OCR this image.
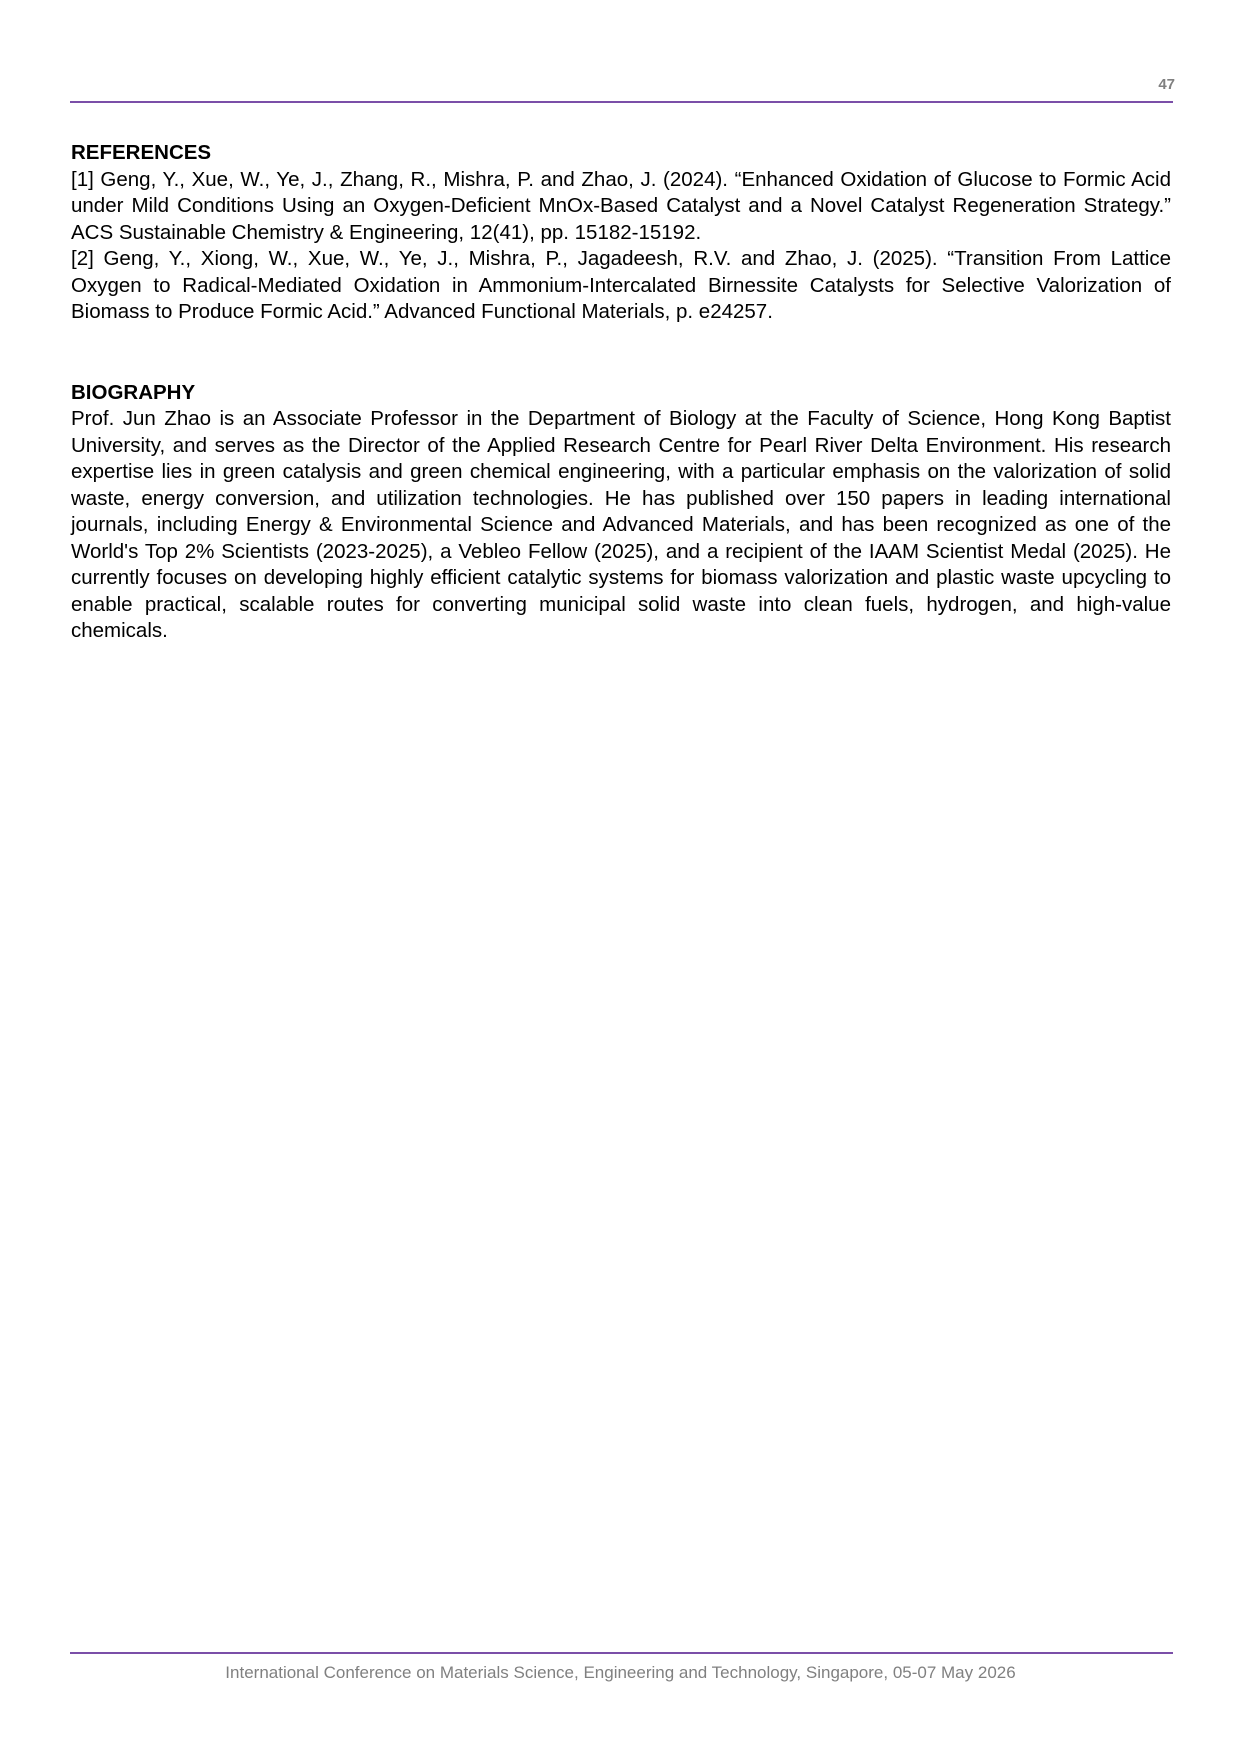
47
REFERENCES

[1] Geng, Y., Xue, W., Ye, J., Zhang, R., Mishra, P. and Zhao, J. (2024). “Enhanced Oxidation of Glucose to Formic Acid under Mild Conditions Using an Oxygen-Deficient MnOx-Based Catalyst and a Novel Catalyst Regeneration Strategy.” ACS Sustainable Chemistry & Engineering, 12(41), pp. 15182-15192.

[2] Geng, Y., Xiong, W., Xue, W., Ye, J., Mishra, P., Jagadeesh, R.V. and Zhao, J. (2025). “Transition From Lattice Oxygen to Radical-Mediated Oxidation in Ammonium-Intercalated Birnessite Catalysts for Selective Valorization of Biomass to Produce Formic Acid.” Advanced Functional Materials, p. e24257.

BIOGRAPHY

Prof. Jun Zhao is an Associate Professor in the Department of Biology at the Faculty of Science, Hong Kong Baptist University, and serves as the Director of the Applied Research Centre for Pearl River Delta Environment. His research expertise lies in green catalysis and green chemical engineering, with a particular emphasis on the valorization of solid waste, energy conversion, and utilization technologies. He has published over 150 papers in leading international journals, including Energy & Environmental Science and Advanced Materials, and has been recognized as one of the World's Top 2% Scientists (2023-2025), a Vebleo Fellow (2025), and a recipient of the IAAM Scientist Medal (2025). He currently focuses on developing highly efficient catalytic systems for biomass valorization and plastic waste upcycling to enable practical, scalable routes for converting municipal solid waste into clean fuels, hydrogen, and high-value chemicals.

International Conference on Materials Science, Engineering and Technology, Singapore, 05-07 May 2026
